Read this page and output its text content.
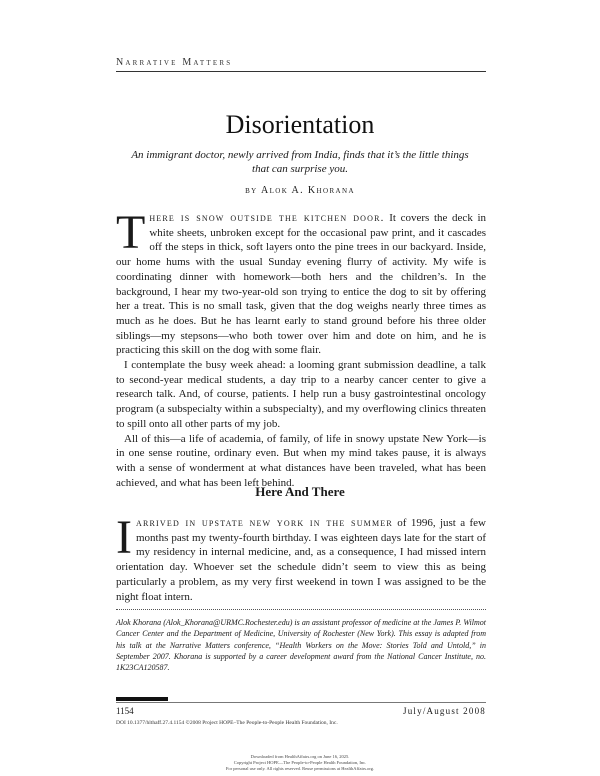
Narrative Matters
Disorientation
An immigrant doctor, newly arrived from India, finds that it’s the little things that can surprise you.
by Alok A. Khorana

There is snow outside the kitchen door. It covers the deck in white sheets, unbroken except for the occasional paw print, and it cascades off the steps in thick, soft layers onto the pine trees in our backyard. Inside, our home hums with the usual Sunday evening flurry of activity. My wife is coordinating dinner with homework—both hers and the children’s. In the background, I hear my two-year-old son trying to entice the dog to sit by offering her a treat. This is no small task, given that the dog weighs nearly three times as much as he does. But he has learnt early to stand ground before his three older siblings—my stepsons—who both tower over him and dote on him, and he is practicing this skill on the dog with some flair.

I contemplate the busy week ahead: a looming grant submission deadline, a talk to second-year medical students, a day trip to a nearby cancer center to give a research talk. And, of course, patients. I help run a busy gastrointestinal oncology program (a subspecialty within a subspecialty), and my overflowing clinics threaten to spill onto all other parts of my job.

All of this—a life of academia, of family, of life in snowy upstate New York—is in one sense routine, ordinary even. But when my mind takes pause, it is always with a sense of wonderment at what distances have been traveled, what has been achieved, and what has been left behind.

Here And There

Iarrived in upstate new york in the summer of 1996, just a few months past my twenty-fourth birthday. I was eighteen days late for the start of my residency in internal medicine, and, as a consequence, I had missed intern orientation day. Whoever set the schedule didn’t seem to view this as being particularly a problem, as my very first weekend in town I was assigned to be the night float intern.

Alok Khorana (Alok_Khorana@URMC.Rochester.edu) is an assistant professor of medicine at the James P. Wilmot Cancer Center and the Department of Medicine, University of Rochester (New York). This essay is adapted from his talk at the Narrative Matters conference, “Health Workers on the Move: Stories Told and Untold,” in September 2007. Khorana is supported by a career development award from the National Cancer Institute, no. 1K23CA120587.
1154	July/August 2008
DOI 10.1377/hlthaff.27.4.1154 ©2008 Project HOPE–The People-to-People Health Foundation, Inc.
Downloaded from HealthAffairs.org on June 16, 2025.
Copyright Project HOPE—The People-to-People Health Foundation, Inc.
For personal use only. All rights reserved. Reuse permissions at HealthAffairs.org.
